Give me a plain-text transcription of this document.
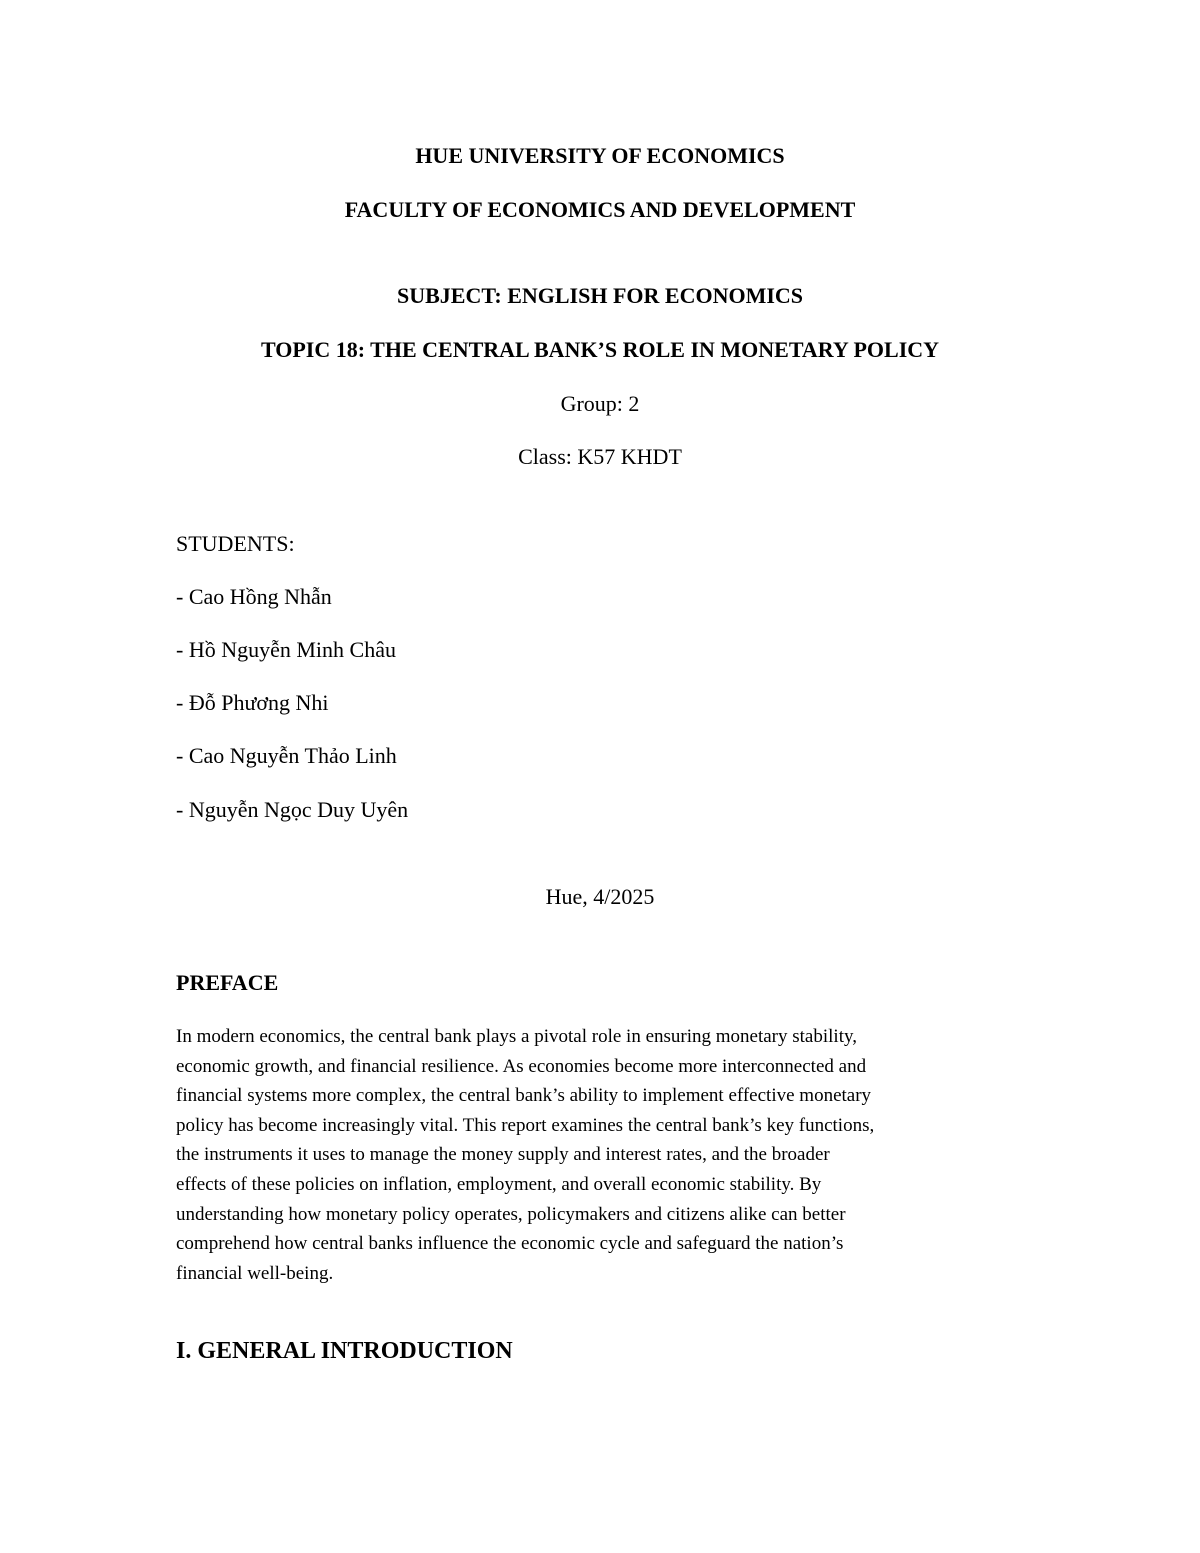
HUE UNIVERSITY OF ECONOMICS

FACULTY OF ECONOMICS AND DEVELOPMENT

SUBJECT: ENGLISH FOR ECONOMICS

TOPIC 18: THE CENTRAL BANK’S ROLE IN MONETARY POLICY

Group: 2

Class: K57 KHDT

STUDENTS:

- Cao Hồng Nhẫn
- Hồ Nguyễn Minh Châu
- Đỗ Phương Nhi
- Cao Nguyễn Thảo Linh
- Nguyễn Ngọc Duy Uyên

Hue, 4/2025

PREFACE
In modern economics, the central bank plays a pivotal role in ensuring monetary stability,
economic growth, and financial resilience. As economies become more interconnected and
financial systems more complex, the central bank’s ability to implement effective monetary
policy has become increasingly vital. This report examines the central bank’s key functions,
the instruments it uses to manage the money supply and interest rates, and the broader
effects of these policies on inflation, employment, and overall economic stability. By
understanding how monetary policy operates, policymakers and citizens alike can better
comprehend how central banks influence the economic cycle and safeguard the nation’s
financial well-being.
I. GENERAL INTRODUCTION
